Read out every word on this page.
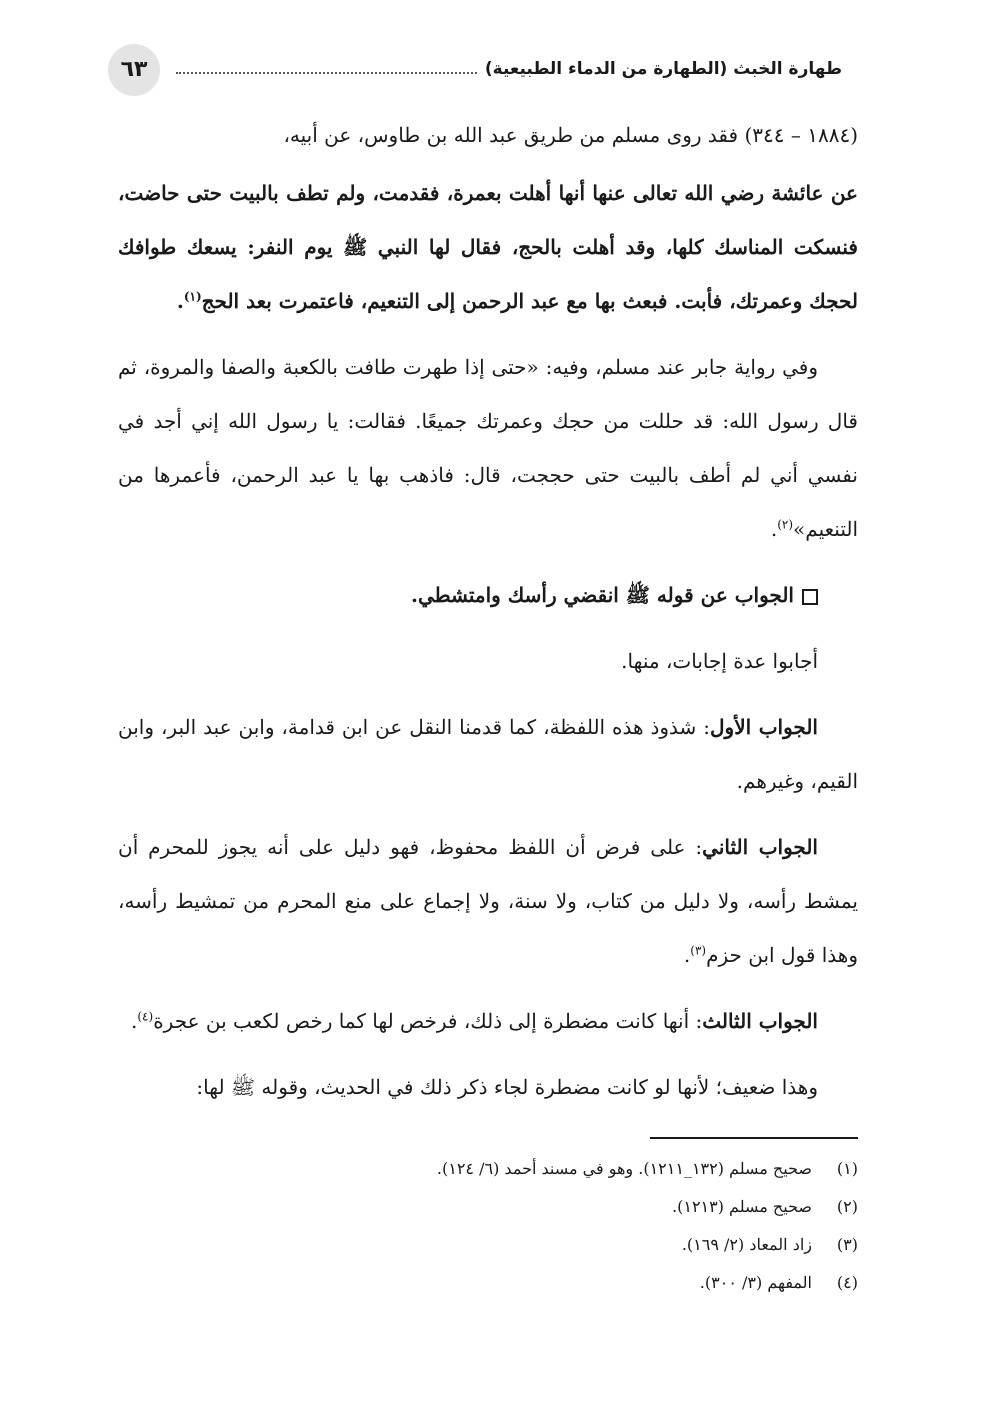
٦٣	طهارة الخبث (الطهارة من الدماء الطبيعية)

(١٨٨٤ – ٣٤٤) فقد روى مسلم من طريق عبد الله بن طاوس، عن أبيه،

عن عائشة رضي الله تعالى عنها أنها أهلت بعمرة، فقدمت، ولم تطف بالبيت حتى حاضت، فنسكت المناسك كلها، وقد أهلت بالحج، فقال لها النبي ﷺ يوم النفر: يسعك طوافك لحجك وعمرتك، فأبت. فبعث بها مع عبد الرحمن إلى التنعيم، فاعتمرت بعد الحج$^{(١)}$.

وفي رواية جابر عند مسلم، وفيه: «حتى إذا طهرت طافت بالكعبة والصفا والمروة، ثم قال رسول الله: قد حللت من حجك وعمرتك جميعًا. فقالت: يا رسول الله إني أجد في نفسي أني لم أطف بالبيت حتى حججت، قال: فاذهب بها يا عبد الرحمن، فأعمرها من التنعيم»$^{(٢)}$.

الجواب عن قوله ﷺ انقضي رأسك وامتشطي.

أجابوا عدة إجابات، منها.

الجواب الأول: شذوذ هذه اللفظة، كما قدمنا النقل عن ابن قدامة، وابن عبد البر، وابن القيم، وغيرهم.

الجواب الثاني: على فرض أن اللفظ محفوظ، فهو دليل على أنه يجوز للمحرم أن يمشط رأسه، ولا دليل من كتاب، ولا سنة، ولا إجماع على منع المحرم من تمشيط رأسه، وهذا قول ابن حزم$^{(٣)}$.

الجواب الثالث: أنها كانت مضطرة إلى ذلك، فرخص لها كما رخص لكعب بن عجرة$^{(٤)}$.

وهذا ضعيف؛ لأنها لو كانت مضطرة لجاء ذكر ذلك في الحديث، وقوله ﷺ لها:

(١)
صحيح مسلم (١٣٢_١٢١١). وهو في مسند أحمد (٦/ ١٢٤).
(٢)
صحيح مسلم (١٢١٣).
(٣)
زاد المعاد (٢/ ١٦٩).
(٤)
المفهم (٣/ ٣٠٠).
